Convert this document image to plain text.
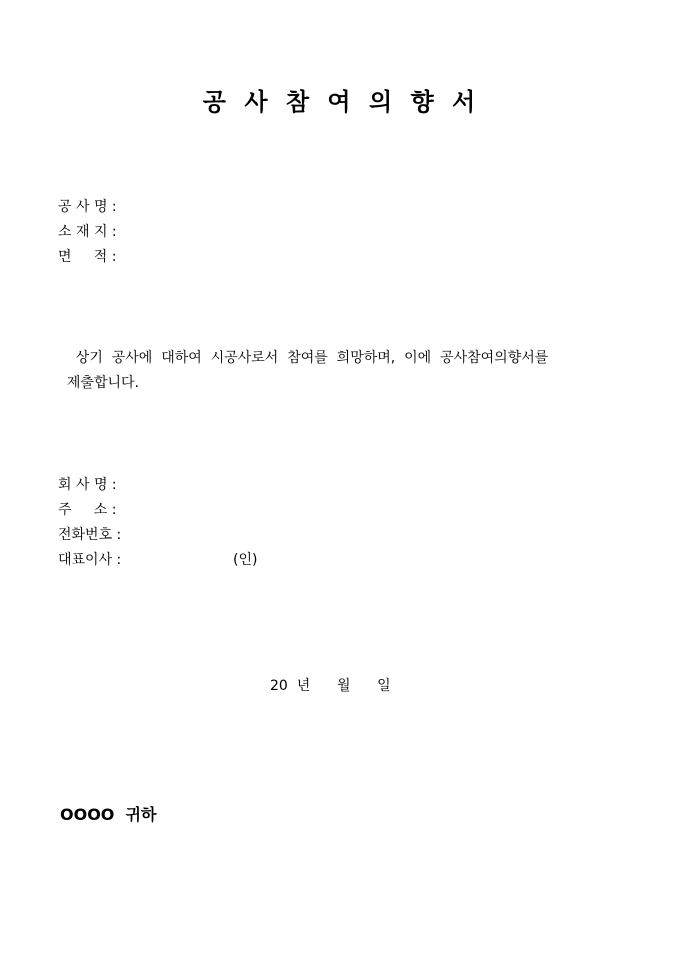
공 사 참 여 의 향 서
공 사 명 :
소 재 지 :
면     적 :
상기  공사에  대하여  시공사로서  참여를  희망하며,  이에  공사참여의향서를
제출합니다.
회 사 명 :
주     소 :
전화번호 :
대표이사 :	(인)
20  년      월      일
OOOO  귀하
